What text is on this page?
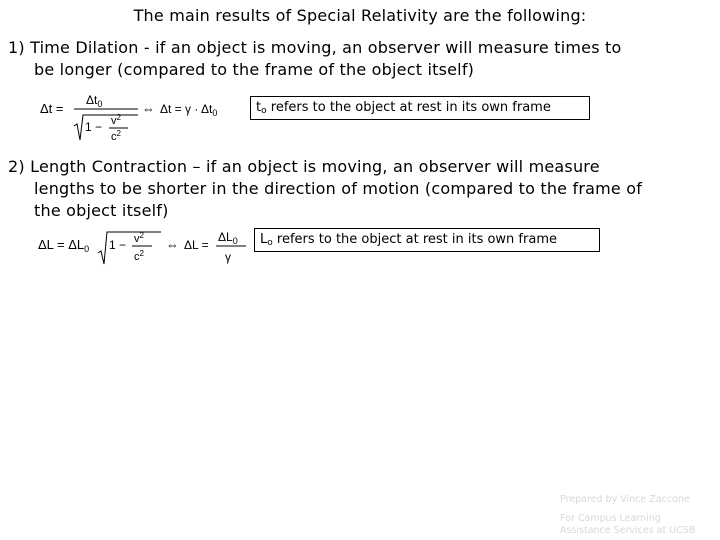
The main results of Special Relativity are the following:
1) Time Dilation - if an object is moving, an observer will measure times to
be longer (compared to the frame of the object itself)
Δt =
$\Delta t_0$
$1 - v^2$
$c^2$
⇔ $\Delta t = \gamma \cdot \Delta t_0$	$t_o$ refers to the object at rest in its own frame
2) Length Contraction – if an object is moving, an observer will measure
lengths to be shorter in the direction of motion (compared to the frame of
the object itself)
$\Delta L = \Delta L_0$ $1 - v^2$
$c^2$
⇔ ΔL =
$\Delta L_0$
γ
$L_o$ refers to the object at rest in its own frame
Prepared by Vince Zaccone
For Campus Learning
Assistance Services at UCSB
